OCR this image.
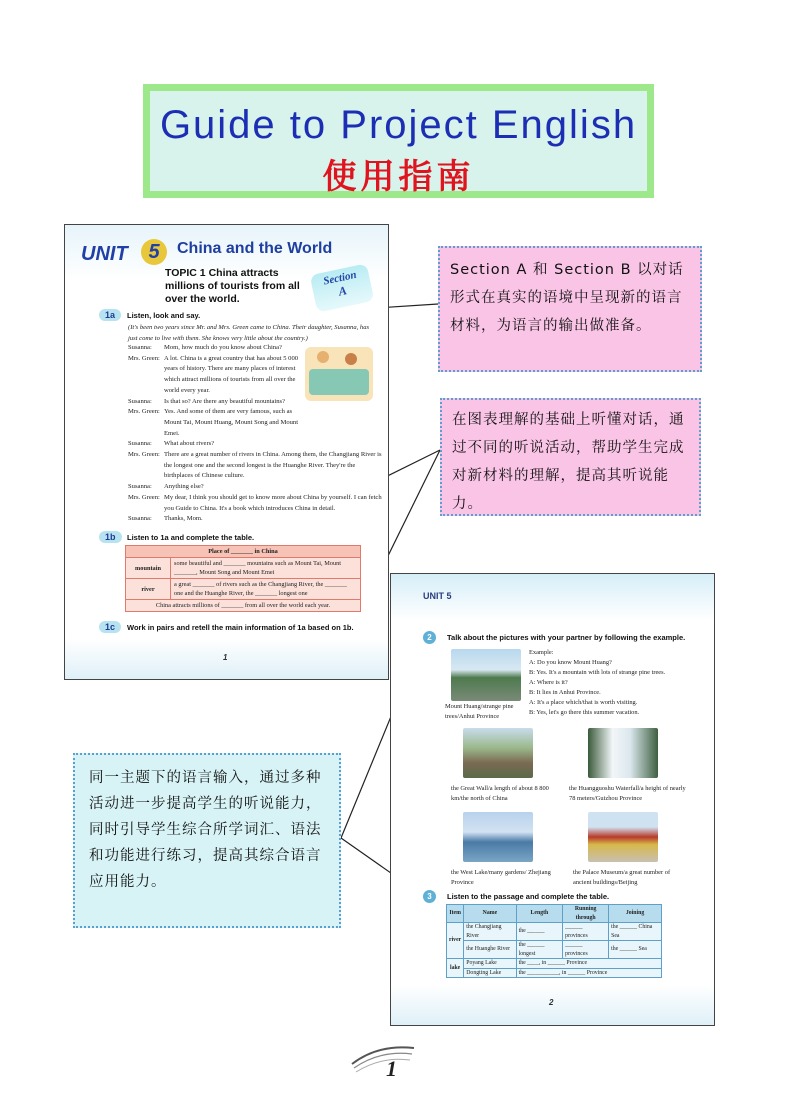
Guide to Project English
使用指南
UNIT	5	China and the World
TOPIC 1 China attracts millions of tourists from all over the world.
Section
A
1a	Listen, look and say.
(It's been two years since Mr. and Mrs. Green came to China. Their daughter, Susanna, has just come to live with them. She knows very little about the country.)
Susanna:	Mom, how much do you know about China?
Mrs. Green: A lot. China is a great country that has about 5 000 years of history. There are many places of interest which attract millions of tourists from all over the world every year.
Susanna:	Is that so? Are there any beautiful mountains?
Mrs. Green: Yes. And some of them are very famous, such as Mount Tai, Mount Huang, Mount Song and Mount Emei.
Susanna:	What about rivers?
Mrs. Green: There are a great number of rivers in China. Among them, the Changjiang River is the longest one and the second longest is the Huanghe River. They're the birthplaces of Chinese culture.
Susanna:	Anything else?
Mrs. Green: My dear, I think you should get to know more about China by yourself. I can fetch you Guide to China. It's a book which introduces China in detail.
Susanna:	Thanks, Mom.
1b	Listen to 1a and complete the table.
Place of _______ in China	
mountain	some beautiful and _______ mountains such as Mount Tai, Mount _______, Mount Song and Mount Emei
river	a great _______ of rivers such as the Changjiang River, the _______ one and the Huanghe River, the _______ longest one
China attracts millions of _______ from all over the world each year.	
1c	Work in pairs and retell the main information of 1a based on 1b.
1
Section A 和 Section B 以对话形式在真实的语境中呈现新的语言材料，为语言的输出做准备。
在图表理解的基础上听懂对话，通过不同的听说活动，帮助学生完成对新材料的理解，提高其听说能力。
同一主题下的语言输入，通过多种活动进一步提高学生的听说能力，同时引导学生综合所学词汇、语法和功能进行练习，提高其综合语言应用能力。
UNIT 5
2	Talk about the pictures with your partner by following the example.
Mount Huang/strange pine trees/Anhui Province
Example:
A: Do you know Mount Huang?
B: Yes. It's a mountain with lots of strange pine trees.
A: Where is it?
B: It lies in Anhui Province.
A: It's a place which/that is worth visiting.
B: Yes, let's go there this summer vacation.
the Great Wall/a length of about 8 800 km/the north of China
the Huangguoshu Waterfall/a height of nearly 78 meters/Guizhou Province
the West Lake/many gardens/ Zhejiang Province
the Palace Museum/a great number of ancient buildings/Beijing
3	Listen to the passage and complete the table.
Item	Name	Length	Running through	Joining
river	the Changjiang River	the ______	______ provinces	the ______ China Sea
	the Huanghe River	the ______ longest	______ provinces	the ______ Sea
lake	Poyang Lake	the ____, in ______ Province		
	Dongting Lake	the ___________, in ______ Province		
2
1
